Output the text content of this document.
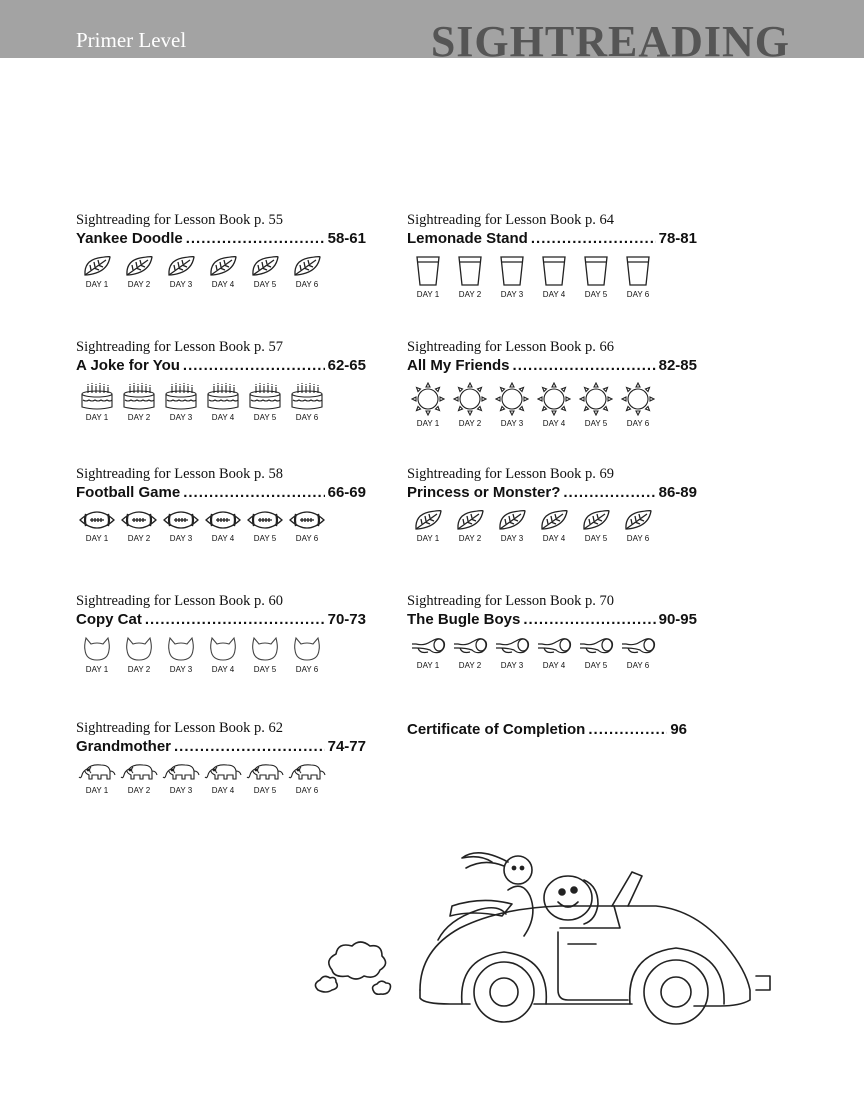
Primer Level	SIGHTREADING
Sightreading for Lesson Book p. 55
Yankee Doodle .....	58-61
DAY 1	DAY 2	DAY 3	DAY 4	DAY 5	DAY 6
Sightreading for Lesson Book p. 57
A Joke for You .....	62-65
DAY 1	DAY 2	DAY 3	DAY 4	DAY 5	DAY 6
Sightreading for Lesson Book p. 58
Football Game .....	66-69
DAY 1	DAY 2	DAY 3	DAY 4	DAY 5	DAY 6
Sightreading for Lesson Book p. 60
Copy Cat .....	70-73
DAY 1	DAY 2	DAY 3	DAY 4	DAY 5	DAY 6
Sightreading for Lesson Book p. 62
Grandmother .....	74-77
DAY 1	DAY 2	DAY 3	DAY 4	DAY 5	DAY 6
Sightreading for Lesson Book p. 64
Lemonade Stand .....	78-81
DAY 1	DAY 2	DAY 3	DAY 4	DAY 5	DAY 6
Sightreading for Lesson Book p. 66
All My Friends .....	82-85
DAY 1	DAY 2	DAY 3	DAY 4	DAY 5	DAY 6
Sightreading for Lesson Book p. 69
Princess or Monster? .....	86-89
DAY 1	DAY 2	DAY 3	DAY 4	DAY 5	DAY 6
Sightreading for Lesson Book p. 70
The Bugle Boys .....	90-95
DAY 1	DAY 2	DAY 3	DAY 4	DAY 5	DAY 6
Certificate of Completion .....	96
